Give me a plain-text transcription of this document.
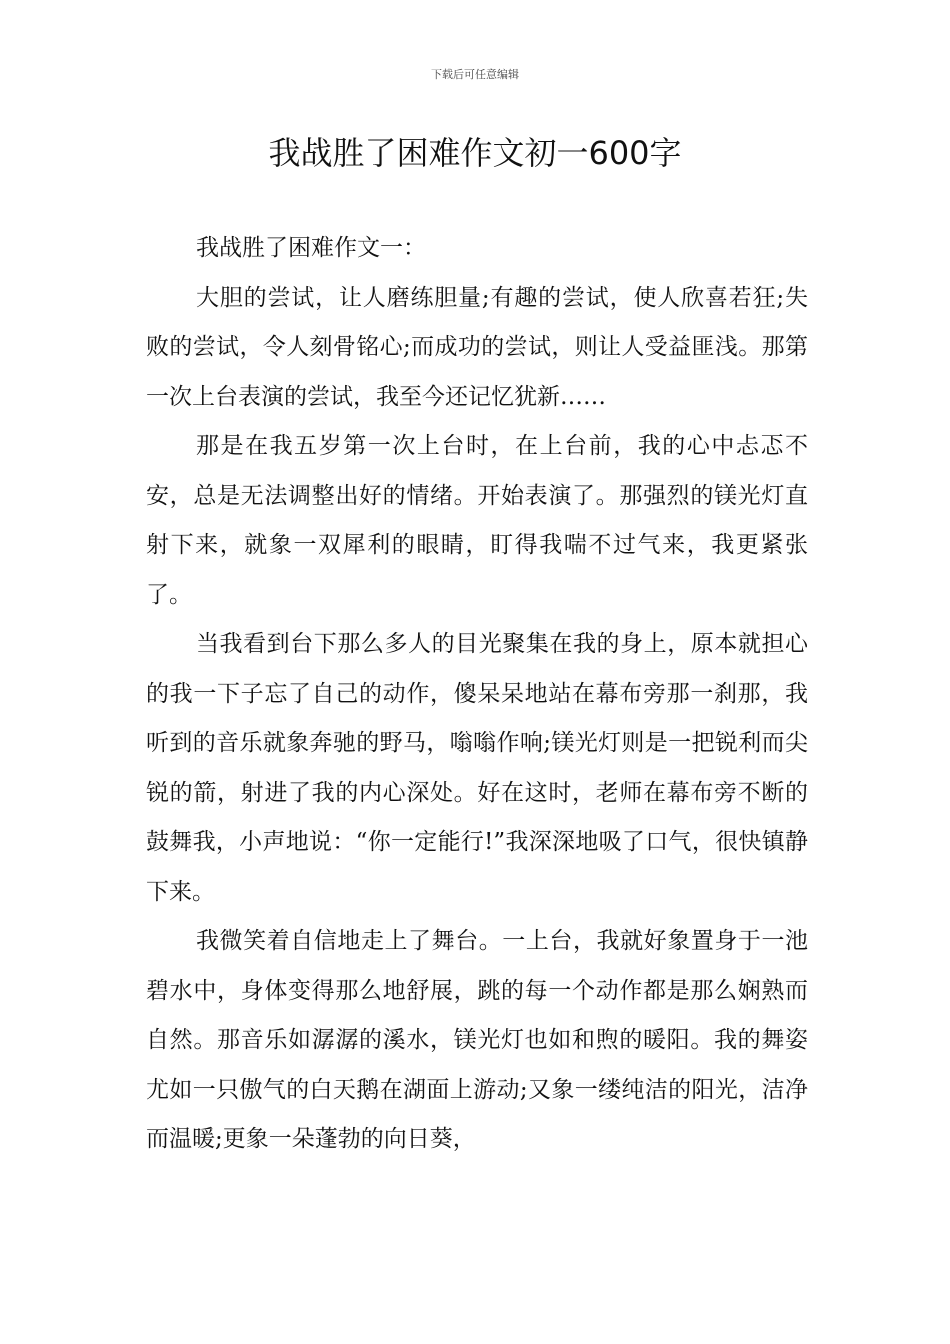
下载后可任意编辑
我战胜了困难作文初一600字

我战胜了困难作文一：

大胆的尝试，让人磨练胆量;有趣的尝试，使人欣喜若狂;失败的尝试，令人刻骨铭心;而成功的尝试，则让人受益匪浅。那第一次上台表演的尝试，我至今还记忆犹新……

那是在我五岁第一次上台时，在上台前，我的心中忐忑不安，总是无法调整出好的情绪。开始表演了。那强烈的镁光灯直射下来，就象一双犀利的眼睛，盯得我喘不过气来，我更紧张了。

当我看到台下那么多人的目光聚集在我的身上，原本就担心的我一下子忘了自己的动作，傻呆呆地站在幕布旁那一刹那，我听到的音乐就象奔驰的野马，嗡嗡作响;镁光灯则是一把锐利而尖锐的箭，射进了我的内心深处。好在这时，老师在幕布旁不断的鼓舞我，小声地说：“你一定能行!”我深深地吸了口气，很快镇静下来。

我微笑着自信地走上了舞台。一上台，我就好象置身于一池碧水中，身体变得那么地舒展，跳的每一个动作都是那么娴熟而自然。那音乐如潺潺的溪水，镁光灯也如和煦的暖阳。我的舞姿尤如一只傲气的白天鹅在湖面上游动;又象一缕纯洁的阳光，洁净而温暖;更象一朵蓬勃的向日葵，
